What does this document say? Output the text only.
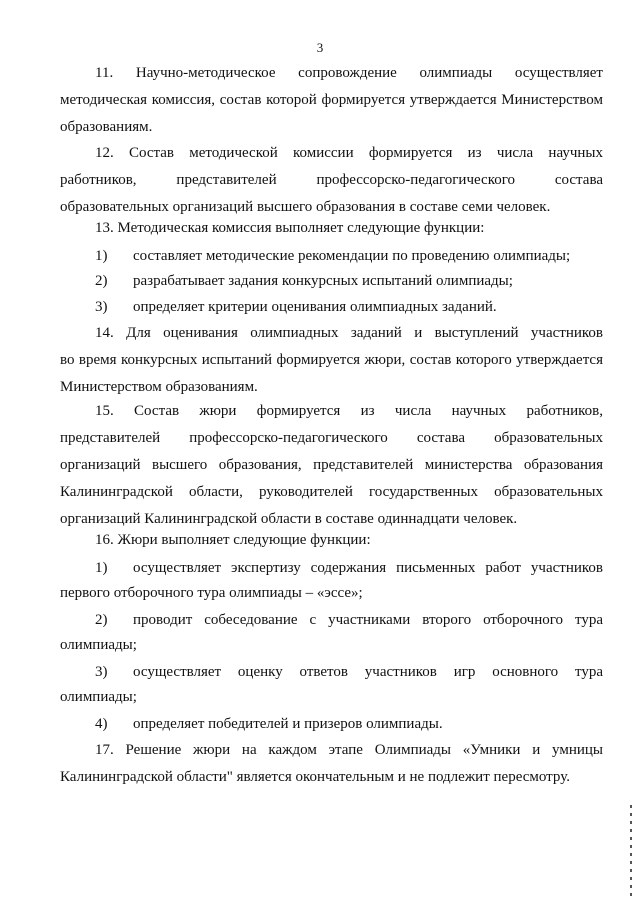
3
11. Научно-методическое сопровождение олимпиады осуществляет
методическая комиссия, состав которой формируется утверждается Министерством
образованиям.
12. Состав методической комиссии формируется из числа научных
работников, представителей профессорско-педагогического состава
образовательных организаций высшего образования в составе семи человек.
13. Методическая комиссия выполняет следующие функции:
1) составляет методические рекомендации по проведению олимпиады;
2) разрабатывает задания конкурсных испытаний олимпиады;
3) определяет критерии оценивания олимпиадных заданий.
14. Для оценивания олимпиадных заданий и выступлений участников
во время конкурсных испытаний формируется жюри, состав которого утверждается
Министерством образованиям.
15. Состав жюри формируется из числа научных работников,
представителей профессорско-педагогического состава образовательных
организаций высшего образования, представителей министерства образования
Калининградской области, руководителей государственных образовательных
организаций Калининградской области в составе одиннадцати человек.
16. Жюри выполняет следующие функции:
1) осуществляет экспертизу содержания письменных работ участников
первого отборочного тура олимпиады – «эссе»;
2) проводит собеседование с участниками второго отборочного тура
олимпиады;
3) осуществляет оценку ответов участников игр основного тура
олимпиады;
4) определяет победителей и призеров олимпиады.
17. Решение жюри на каждом этапе Олимпиады «Умники и умницы
Калининградской области" является окончательным и не подлежит пересмотру.
